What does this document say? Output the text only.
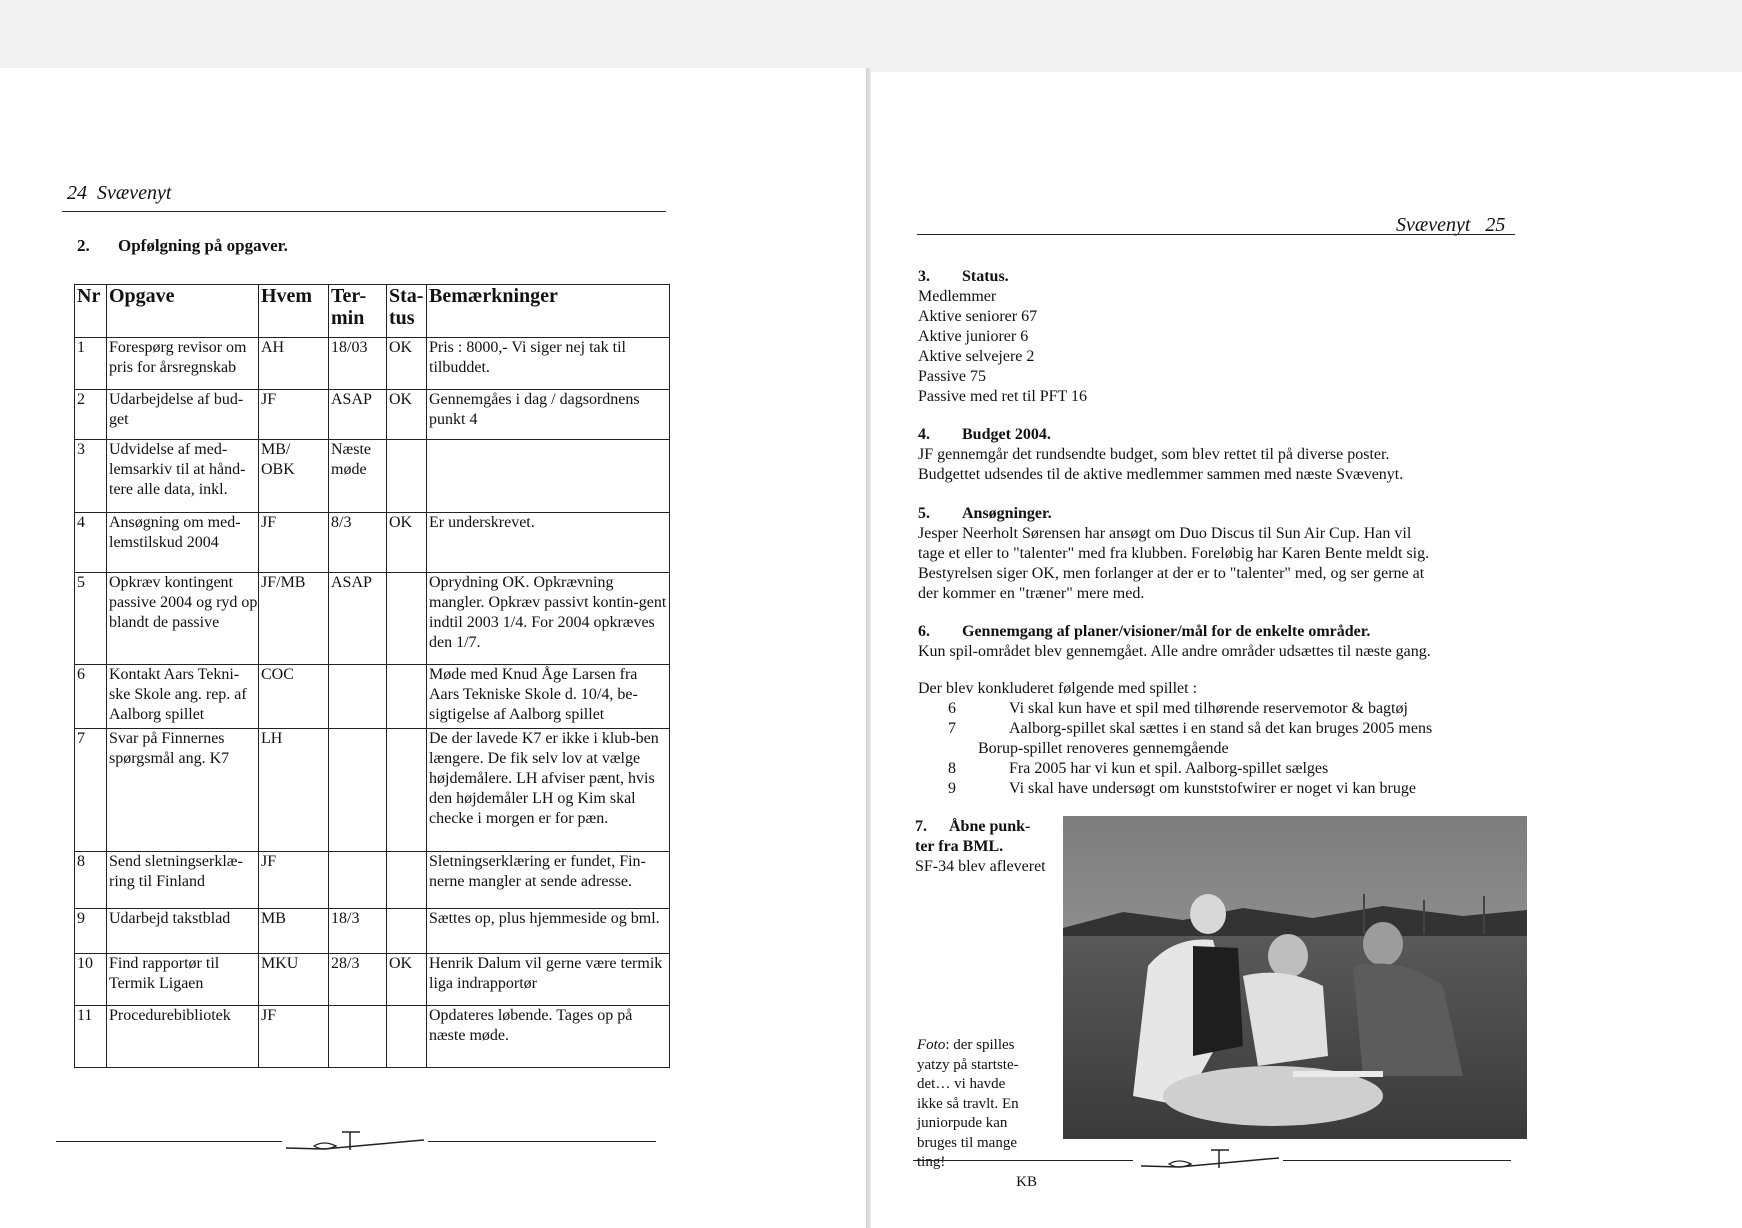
24 Svævenyt
2. Opfølgning på opgaver.
Nr	Opgave	Hvem	Ter-min	Sta-tus	Bemærkninger
1	Forespørg revisor om pris for årsregnskab	AH	18/03	OK	Pris : 8000,- Vi siger nej tak til tilbuddet.
2	Udarbejdelse af bud-get	JF	ASAP	OK	Gennemgåes i dag / dagsordnens punkt 4
3	Udvidelse af med-lemsarkiv til at hånd-tere alle data, inkl.	MB/ OBK	Næste møde		
4	Ansøgning om med-lemstilskud 2004	JF	8/3	OK	Er underskrevet.
5	Opkræv kontingent passive 2004 og ryd op blandt de passive	JF/MB	ASAP		Oprydning OK. Opkrævning mangler. Opkræv passivt kontin-gent indtil 2003 1/4. For 2004 opkræves den 1/7.
6	Kontakt Aars Tekni-ske Skole ang. rep. af Aalborg spillet	COC			Møde med Knud Åge Larsen fra Aars Tekniske Skole d. 10/4, be-sigtigelse af Aalborg spillet
7	Svar på Finnernes spørgsmål ang. K7	LH			De der lavede K7 er ikke i klub-ben længere. De fik selv lov at vælge højdemålere. LH afviser pænt, hvis den højdemåler LH og Kim skal checke i morgen er for pæn.
8	Send sletningserklæ-ring til Finland	JF			Sletningserklæring er fundet, Fin-nerne mangler at sende adresse.
9	Udarbejd takstblad	MB	18/3		Sættes op, plus hjemmeside og bml.
10	Find rapportør til Termik Ligaen	MKU	28/3	OK	Henrik Dalum vil gerne være termik liga indrapportør
11	Procedurebibliotek	JF			Opdateres løbende. Tages op på næste møde.
Svævenyt 25
3. Status.
Medlemmer
Aktive seniorer 67
Aktive juniorer 6
Aktive selvejere 2
Passive 75
Passive med ret til PFT 16
4. Budget 2004.
JF gennemgår det rundsendte budget, som blev rettet til på diverse poster.
Budgettet udsendes til de aktive medlemmer sammen med næste Svævenyt.
5. Ansøgninger.
Jesper Neerholt Sørensen har ansøgt om Duo Discus til Sun Air Cup. Han vil
tage et eller to "talenter" med fra klubben. Foreløbig har Karen Bente meldt sig.
Bestyrelsen siger OK, men forlanger at der er to "talenter" med, og ser gerne at
der kommer en "træner" mere med.
6. Gennemgang af planer/visioner/mål for de enkelte områder.
Kun spil-området blev gennemgået. Alle andre områder udsættes til næste gang.
Der blev konkluderet følgende med spillet :
6	Vi skal kun have et spil med tilhørende reservemotor & bagtøj
7	Aalborg-spillet skal sættes i en stand så det kan bruges 2005 mens
Borup-spillet renoveres gennemgående
8	Fra 2005 har vi kun et spil. Aalborg-spillet sælges
9	Vi skal have undersøgt om kunststofwirer er noget vi kan bruge
7. Åbne punk-
ter fra BML.
SF-34 blev afleveret
Foto: der spilles
yatzy på startste-
det… vi havde
ikke så travlt. En
juniorpude kan
bruges til mange
ting!
KB
